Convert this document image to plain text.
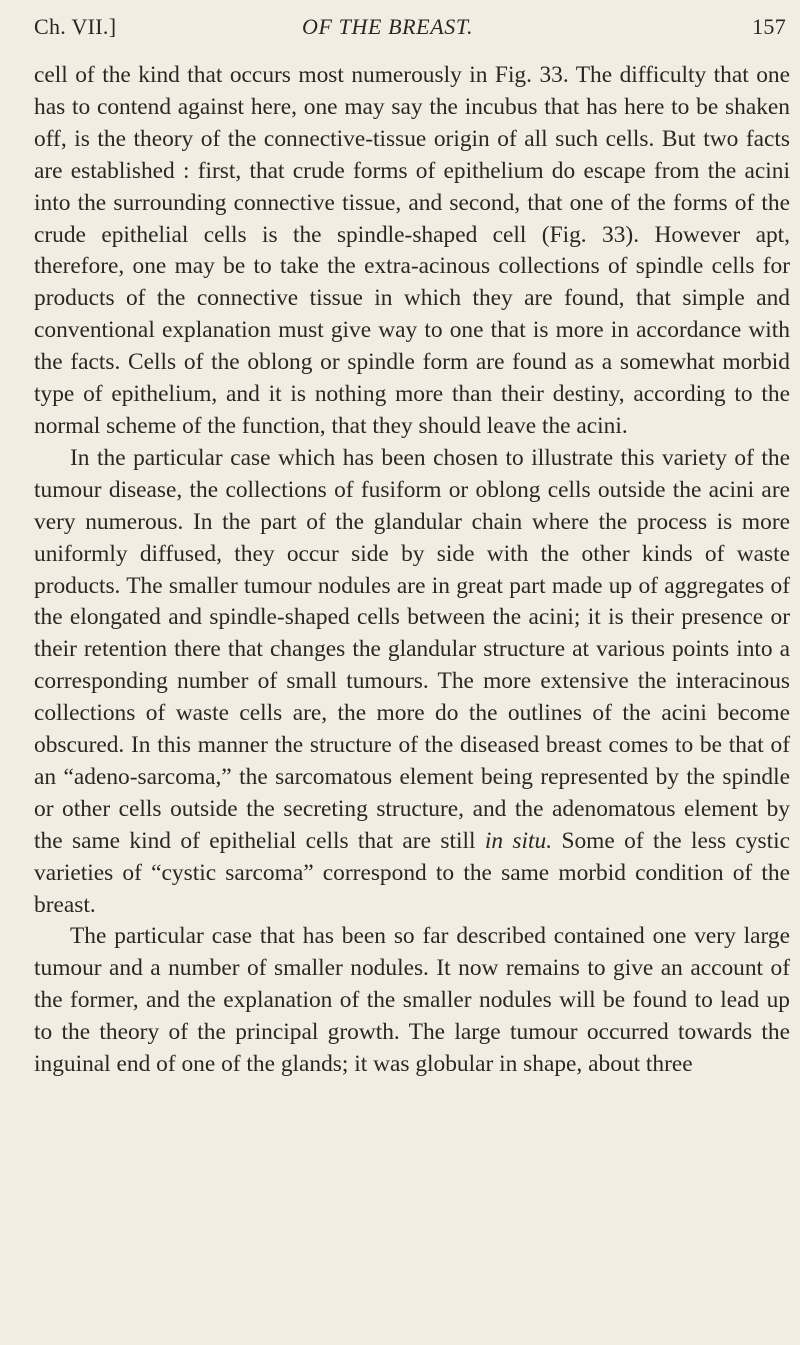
Ch. VII.]	OF THE BREAST.	157

cell of the kind that occurs most numerously in Fig. 33. The difficulty that one has to contend against here, one may say the incubus that has here to be shaken off, is the theory of the connective-tissue origin of all such cells. But two facts are established : first, that crude forms of epithelium do escape from the acini into the surrounding connective tissue, and second, that one of the forms of the crude epithelial cells is the spindle-shaped cell (Fig. 33). However apt, therefore, one may be to take the extra-acinous collections of spindle cells for products of the connective tissue in which they are found, that simple and conventional explanation must give way to one that is more in accordance with the facts. Cells of the oblong or spindle form are found as a somewhat morbid type of epithelium, and it is nothing more than their destiny, according to the normal scheme of the function, that they should leave the acini.

In the particular case which has been chosen to illustrate this variety of the tumour disease, the collections of fusiform or oblong cells outside the acini are very numerous. In the part of the glandular chain where the process is more uniformly diffused, they occur side by side with the other kinds of waste products. The smaller tumour nodules are in great part made up of aggregates of the elongated and spindle-shaped cells between the acini; it is their presence or their retention there that changes the glandular structure at various points into a corresponding number of small tumours. The more extensive the interacinous collections of waste cells are, the more do the outlines of the acini become obscured. In this manner the structure of the diseased breast comes to be that of an “adeno-sarcoma,” the sarcomatous element being represented by the spindle or other cells outside the secreting structure, and the adenomatous element by the same kind of epithelial cells that are still in situ. Some of the less cystic varieties of “cystic sarcoma” correspond to the same morbid condition of the breast.

The particular case that has been so far described contained one very large tumour and a number of smaller nodules. It now remains to give an account of the former, and the explanation of the smaller nodules will be found to lead up to the theory of the principal growth. The large tumour occurred towards the inguinal end of one of the glands; it was globular in shape, about three
